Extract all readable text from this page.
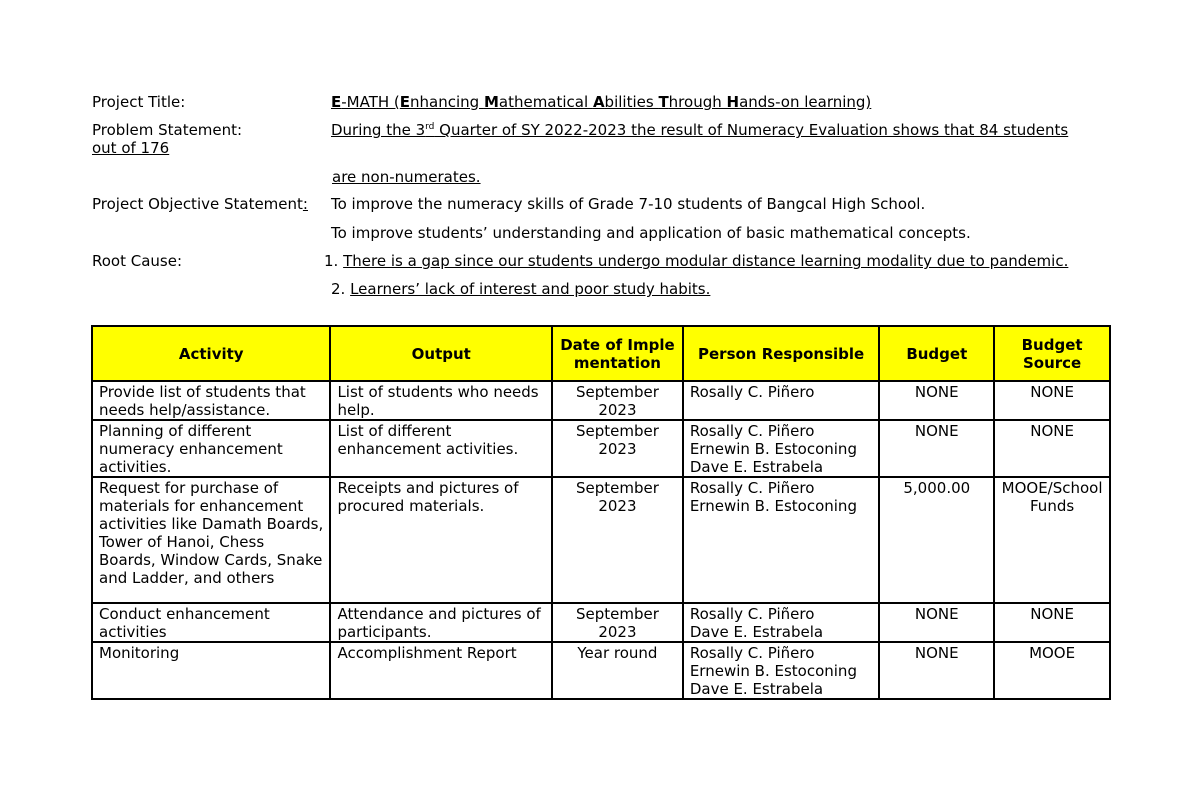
Project Title:	E-MATH (Enhancing Mathematical Abilities Through Hands-on learning)
Problem Statement:	During the 3rd Quarter of SY 2022-2023 the result of Numeracy Evaluation shows that 84 students
out of 176
are non-numerates.
Project Objective Statement: To improve the numeracy skills of Grade 7-10 students of Bangcal High School.
To improve students’ understanding and application of basic mathematical concepts.
Root Cause:	1. There is a gap since our students undergo modular distance learning modality due to pandemic.
2. Learners’ lack of interest and poor study habits.
Activity	Output	Date of Implementation	Person Responsible	Budget	Budget Source
Provide list of students that needs help/assistance.	List of students who needs help.	September 2023	Rosally C. Piñero	NONE	NONE
Planning of different numeracy enhancement activities.	List of different enhancement activities.	September 2023	Rosally C. Piñero
Ernewin B. Estoconing
Dave E. Estrabela	NONE	NONE
Request for purchase of materials for enhancement activities like Damath Boards, Tower of Hanoi, Chess Boards, Window Cards, Snake and Ladder, and others	Receipts and pictures of procured materials.	September 2023	Rosally C. Piñero
Ernewin B. Estoconing	5,000.00	MOOE/School Funds
Conduct enhancement activities	Attendance and pictures of participants.	September 2023	Rosally C. Piñero
Dave E. Estrabela	NONE	NONE
Monitoring	Accomplishment Report	Year round	Rosally C. Piñero
Ernewin B. Estoconing
Dave E. Estrabela	NONE	MOOE
